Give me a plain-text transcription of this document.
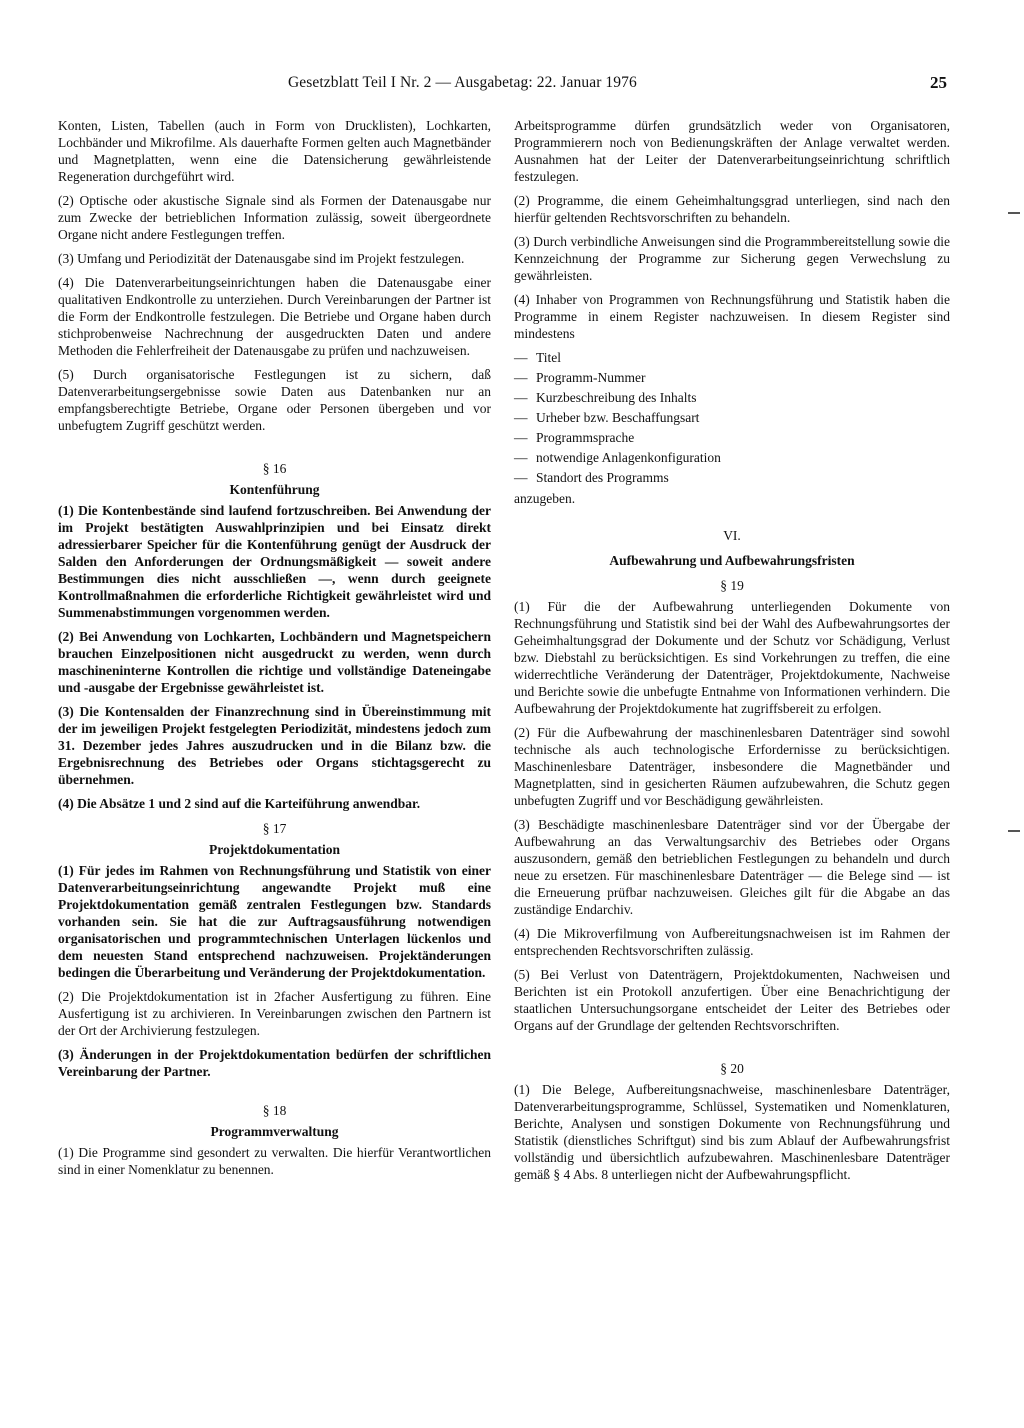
Gesetzblatt Teil I Nr. 2 — Ausgabetag: 22. Januar 1976	25

Konten, Listen, Tabellen (auch in Form von Drucklisten), Lochkarten, Lochbänder und Mikrofilme. Als dauerhafte Formen gelten auch Magnetbänder und Magnetplatten, wenn eine die Datensicherung gewährleistende Regeneration durchgeführt wird.

(2) Optische oder akustische Signale sind als Formen der Datenausgabe nur zum Zwecke der betrieblichen Information zulässig, soweit übergeordnete Organe nicht andere Festlegungen treffen.

(3) Umfang und Periodizität der Datenausgabe sind im Projekt festzulegen.

(4) Die Datenverarbeitungseinrichtungen haben die Datenausgabe einer qualitativen Endkontrolle zu unterziehen. Durch Vereinbarungen der Partner ist die Form der Endkontrolle festzulegen. Die Betriebe und Organe haben durch stichprobenweise Nachrechnung der ausgedruckten Daten und andere Methoden die Fehlerfreiheit der Datenausgabe zu prüfen und nachzuweisen.

(5) Durch organisatorische Festlegungen ist zu sichern, daß Datenverarbeitungsergebnisse sowie Daten aus Datenbanken nur an empfangsberechtigte Betriebe, Organe oder Personen übergeben und vor unbefugtem Zugriff geschützt werden.

§ 16
Kontenführung

(1) Die Kontenbestände sind laufend fortzuschreiben. Bei Anwendung der im Projekt bestätigten Auswahlprinzipien und bei Einsatz direkt adressierbarer Speicher für die Kontenführung genügt der Ausdruck der Salden den Anforderungen der Ordnungsmäßigkeit — soweit andere Bestimmungen dies nicht ausschließen —, wenn durch geeignete Kontrollmaßnahmen die erforderliche Richtigkeit gewährleistet wird und Summenabstimmungen vorgenommen werden.

(2) Bei Anwendung von Lochkarten, Lochbändern und Magnetspeichern brauchen Einzelpositionen nicht ausgedruckt zu werden, wenn durch maschineninterne Kontrollen die richtige und vollständige Dateneingabe und -ausgabe der Ergebnisse gewährleistet ist.

(3) Die Kontensalden der Finanzrechnung sind in Übereinstimmung mit der im jeweiligen Projekt festgelegten Periodizität, mindestens jedoch zum 31. Dezember jedes Jahres auszudrucken und in die Bilanz bzw. die Ergebnisrechnung des Betriebes oder Organs stichtagsgerecht zu übernehmen.

(4) Die Absätze 1 und 2 sind auf die Karteiführung anwendbar.

§ 17
Projektdokumentation

(1) Für jedes im Rahmen von Rechnungsführung und Statistik von einer Datenverarbeitungseinrichtung angewandte Projekt muß eine Projektdokumentation gemäß zentralen Festlegungen bzw. Standards vorhanden sein. Sie hat die zur Auftragsausführung notwendigen organisatorischen und programmtechnischen Unterlagen lückenlos und dem neuesten Stand entsprechend nachzuweisen. Projektänderungen bedingen die Überarbeitung und Veränderung der Projektdokumentation.

(2) Die Projektdokumentation ist in 2facher Ausfertigung zu führen. Eine Ausfertigung ist zu archivieren. In Vereinbarungen zwischen den Partnern ist der Ort der Archivierung festzulegen.

(3) Änderungen in der Projektdokumentation bedürfen der schriftlichen Vereinbarung der Partner.

§ 18
Programmverwaltung

(1) Die Programme sind gesondert zu verwalten. Die hierfür Verantwortlichen sind in einer Nomenklatur zu benennen.

Arbeitsprogramme dürfen grundsätzlich weder von Organisatoren, Programmierern noch von Bedienungskräften der Anlage verwaltet werden. Ausnahmen hat der Leiter der Datenverarbeitungseinrichtung schriftlich festzulegen.

(2) Programme, die einem Geheimhaltungsgrad unterliegen, sind nach den hierfür geltenden Rechtsvorschriften zu behandeln.

(3) Durch verbindliche Anweisungen sind die Programmbereitstellung sowie die Kennzeichnung der Programme zur Sicherung gegen Verwechslung zu gewährleisten.

(4) Inhaber von Programmen von Rechnungsführung und Statistik haben die Programme in einem Register nachzuweisen. In diesem Register sind mindestens

— Titel
— Programm-Nummer
— Kurzbeschreibung des Inhalts
— Urheber bzw. Beschaffungsart
— Programmsprache
— notwendige Anlagenkonfiguration
— Standort des Programms

anzugeben.

VI.
Aufbewahrung und Aufbewahrungsfristen
§ 19

(1) Für die der Aufbewahrung unterliegenden Dokumente von Rechnungsführung und Statistik sind bei der Wahl des Aufbewahrungsortes der Geheimhaltungsgrad der Dokumente und der Schutz vor Schädigung, Verlust bzw. Diebstahl zu berücksichtigen. Es sind Vorkehrungen zu treffen, die eine widerrechtliche Veränderung der Datenträger, Projektdokumente, Nachweise und Berichte sowie die unbefugte Entnahme von Informationen verhindern. Die Aufbewahrung der Projektdokumente hat zugriffsbereit zu erfolgen.

(2) Für die Aufbewahrung der maschinenlesbaren Datenträger sind sowohl technische als auch technologische Erfordernisse zu berücksichtigen. Maschinenlesbare Datenträger, insbesondere die Magnetbänder und Magnetplatten, sind in gesicherten Räumen aufzubewahren, die Schutz gegen unbefugten Zugriff und vor Beschädigung gewährleisten.

(3) Beschädigte maschinenlesbare Datenträger sind vor der Übergabe der Aufbewahrung an das Verwaltungsarchiv des Betriebes oder Organs auszusondern, gemäß den betrieblichen Festlegungen zu behandeln und durch neue zu ersetzen. Für maschinenlesbare Datenträger — die Belege sind — ist die Erneuerung prüfbar nachzuweisen. Gleiches gilt für die Abgabe an das zuständige Endarchiv.

(4) Die Mikroverfilmung von Aufbereitungsnachweisen ist im Rahmen der entsprechenden Rechtsvorschriften zulässig.

(5) Bei Verlust von Datenträgern, Projektdokumenten, Nachweisen und Berichten ist ein Protokoll anzufertigen. Über eine Benachrichtigung der staatlichen Untersuchungsorgane entscheidet der Leiter des Betriebes oder Organs auf der Grundlage der geltenden Rechtsvorschriften.

§ 20

(1) Die Belege, Aufbereitungsnachweise, maschinenlesbare Datenträger, Datenverarbeitungsprogramme, Schlüssel, Systematiken und Nomenklaturen, Berichte, Analysen und sonstigen Dokumente von Rechnungsführung und Statistik (dienstliches Schriftgut) sind bis zum Ablauf der Aufbewahrungsfrist vollständig und übersichtlich aufzubewahren. Maschinenlesbare Datenträger gemäß § 4 Abs. 8 unterliegen nicht der Aufbewahrungspflicht.
